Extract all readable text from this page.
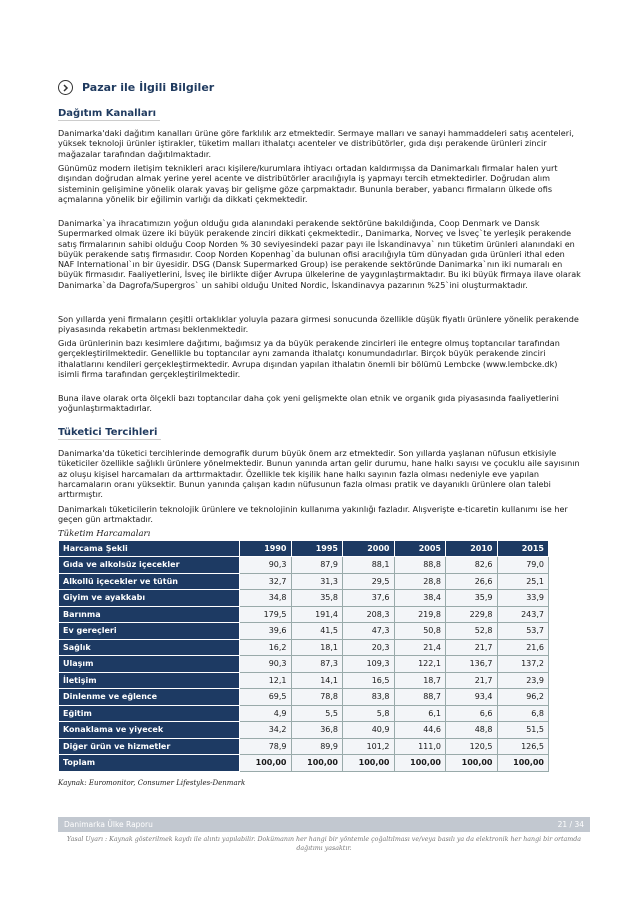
Pazar ile İlgili Bilgiler
Dağıtım Kanalları
Danimarka'daki dağıtım kanalları ürüne göre farklılık arz etmektedir. Sermaye malları ve sanayi hammaddeleri satış acenteleri, yüksek teknoloji ürünler iştirakler, tüketim malları ithalatçı acenteler ve distribütörler, gıda dışı perakende ürünleri zincir mağazalar tarafından dağıtılmaktadır.
Günümüz modern iletişim teknikleri aracı kişilere/kurumlara ihtiyacı ortadan kaldırmışsa da Danimarkalı firmalar halen yurt dışından doğrudan almak yerine yerel acente ve distribütörler aracılığıyla iş yapmayı tercih etmektedirler. Doğrudan alım sisteminin gelişimine yönelik olarak yavaş bir gelişme göze çarpmaktadır. Bununla beraber, yabancı firmaların ülkede ofis açmalarına yönelik bir eğilimin varlığı da dikkati çekmektedir.
Danimarka`ya ihracatımızın yoğun olduğu gıda alanındaki perakende sektörüne bakıldığında, Coop Denmark ve Dansk Supermarked olmak üzere iki büyük perakende zinciri dikkati çekmektedir., Danimarka, Norveç ve İsveç`te yerleşik perakende satış firmalarının sahibi olduğu Coop Norden % 30 seviyesindeki pazar payı ile İskandinavya` nın tüketim ürünleri alanındaki en büyük perakende satış firmasıdır. Coop Norden Kopenhag`da bulunan ofisi aracılığıyla tüm dünyadan gıda ürünleri ithal eden NAF International`ın bir üyesidir. DSG (Dansk Supermarked Group) ise perakende sektöründe Danimarka`nın iki numaralı en büyük firmasıdır. Faaliyetlerini, İsveç ile birlikte diğer Avrupa ülkelerine de yaygınlaştırmaktadır. Bu iki büyük firmaya ilave olarak Danimarka`da Dagrofa/Supergros` un sahibi olduğu United Nordic, İskandinavya pazarının %25`ini oluşturmaktadır.
Son yıllarda yeni firmaların çeşitli ortaklıklar yoluyla pazara girmesi sonucunda özellikle düşük fiyatlı ürünlere yönelik perakende piyasasında rekabetin artması beklenmektedir.
Gıda ürünlerinin bazı kesimlere dağıtımı, bağımsız ya da büyük perakende zincirleri ile entegre olmuş toptancılar tarafından gerçekleştirilmektedir. Genellikle bu toptancılar aynı zamanda ithalatçı konumundadırlar. Birçok büyük perakende zinciri ithalatlarını kendileri gerçekleştirmektedir. Avrupa dışından yapılan ithalatın önemli bir bölümü Lembcke (www.lembcke.dk) isimli firma tarafından gerçekleştirilmektedir.
Buna ilave olarak orta ölçekli bazı toptancılar daha çok yeni gelişmekte olan etnik ve organik gıda piyasasında faaliyetlerini yoğunlaştırmaktadırlar.
Tüketici Tercihleri
Danimarka'da tüketici tercihlerinde demografik durum büyük önem arz etmektedir. Son yıllarda yaşlanan nüfusun etkisiyle tüketiciler özellikle sağlıklı ürünlere yönelmektedir. Bunun yanında artan gelir durumu, hane halkı sayısı ve çocuklu aile sayısının az oluşu kişisel harcamaları da arttırmaktadır. Özellikle tek kişilik hane halkı sayının fazla olması nedeniyle eve yapılan harcamaların oranı yüksektir. Bunun yanında çalışan kadın nüfusunun fazla olması pratik ve dayanıklı ürünlere olan talebi arttırmıştır.
Danimarkalı tüketicilerin teknolojik ürünlere ve teknolojinin kullanıma yakınlığı fazladır. Alışverişte e-ticaretin kullanımı ise her geçen gün artmaktadır.
Tüketim Harcamaları
Harcama Şekli	1990	1995	2000	2005	2010	2015
Gıda ve alkolsüz içecekler	90,3	87,9	88,1	88,8	82,6	79,0
Alkollü içecekler ve tütün	32,7	31,3	29,5	28,8	26,6	25,1
Giyim ve ayakkabı	34,8	35,8	37,6	38,4	35,9	33,9
Barınma	179,5	191,4	208,3	219,8	229,8	243,7
Ev gereçleri	39,6	41,5	47,3	50,8	52,8	53,7
Sağlık	16,2	18,1	20,3	21,4	21,7	21,6
Ulaşım	90,3	87,3	109,3	122,1	136,7	137,2
İletişim	12,1	14,1	16,5	18,7	21,7	23,9
Dinlenme ve eğlence	69,5	78,8	83,8	88,7	93,4	96,2
Eğitim	4,9	5,5	5,8	6,1	6,6	6,8
Konaklama ve yiyecek	34,2	36,8	40,9	44,6	48,8	51,5
Diğer ürün ve hizmetler	78,9	89,9	101,2	111,0	120,5	126,5
Toplam	100,00	100,00	100,00	100,00	100,00	100,00
Kaynak: Euromonitor, Consumer Lifestyles-Denmark
Danimarka Ülke Raporu	21 / 34
Yasal Uyarı : Kaynak gösterilmek kaydı ile alıntı yapılabilir. Dokümanın her hangi bir yöntemle çoğaltılması ve/veya basılı ya da elektronik her hangi bir ortamda dağıtımı yasaktır.
